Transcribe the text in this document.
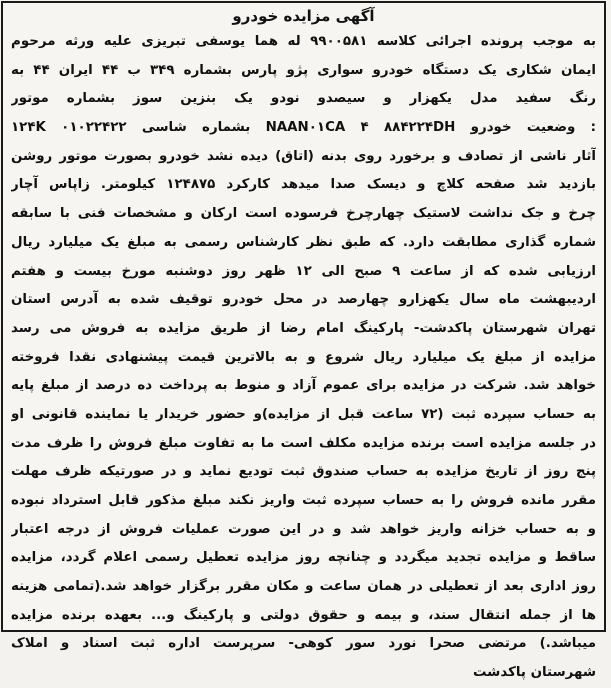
آگهی مزایده خودرو
به موجب پرونده اجرائی کلاسه ۹۹۰۰۵۸۱ له هما یوسفی تبریزی علیه ورثه مرحوم
ایمان شکاری یک دستگاه خودرو سواری پژو پارس بشماره ۳۴۹ ب ۴۴ ایران ۴۴ به
رنگ سفید مدل یکهزار و سیصدو نودو یک بنزین سوز بشماره موتور
۱۲۴K ۰۱۰۲۲۴۲۲ بشماره شاسی NAAN۰۱CA ۴ ۸۸۴۲۲۴DH وضعیت خودرو :
آثار ناشی از تصادف و برخورد روی بدنه (اتاق) دیده نشد خودرو بصورت موتور روشن
بازدید شد صفحه کلاچ و دیسک صدا میدهد کارکرد ۱۲۴۸۷۵ کیلومتر. زاپاس آچار
چرخ و جک نداشت لاستیک چهارچرخ فرسوده است ارکان و مشخصات فنی با سابقه
شماره گذاری مطابقت دارد. که طبق نظر کارشناس رسمی به مبلغ یک میلیارد ریال
ارزیابی شده که از ساعت ۹ صبح الی ۱۲ ظهر روز دوشنبه مورخ بیست و هفتم
اردیبهشت ماه سال یکهزارو چهارصد در محل خودرو توقیف شده به آدرس استان
تهران شهرستان پاکدشت- پارکینگ امام رضا از طریق مزایده به فروش می رسد
مزایده از مبلغ یک میلیارد ریال شروع و به بالاترین قیمت پیشنهادی نقدا فروخته
خواهد شد. شرکت در مزایده برای عموم آزاد و منوط به پرداخت ده درصد از مبلغ پایه
به حساب سپرده ثبت (۷۲ ساعت قبل از مزایده)و حضور خریدار یا نماینده قانونی او
در جلسه مزایده است برنده مزایده مکلف است ما به تفاوت مبلغ فروش را ظرف مدت
پنج روز از تاریخ مزایده به حساب صندوق ثبت تودیع نماید و در صورتیکه ظرف مهلت
مقرر مانده فروش را به حساب سپرده ثبت واریز نکند مبلغ مذکور قابل استرداد نبوده
و به حساب خزانه واریز خواهد شد و در این صورت عملیات فروش از درجه اعتبار
ساقط و مزایده تجدید میگردد و چنانچه روز مزایده تعطیل رسمی اعلام گردد، مزایده
روز اداری بعد از تعطیلی در همان ساعت و مکان مقرر برگزار خواهد شد.(تمامی هزینه
ها از جمله انتقال سند، و بیمه و حقوق دولتی و پارکینگ و... بعهده برنده مزایده
میباشد.) مرتضی صحرا نورد سور کوهی- سرپرست اداره ثبت اسناد و املاک
شهرستان پاکدشت
